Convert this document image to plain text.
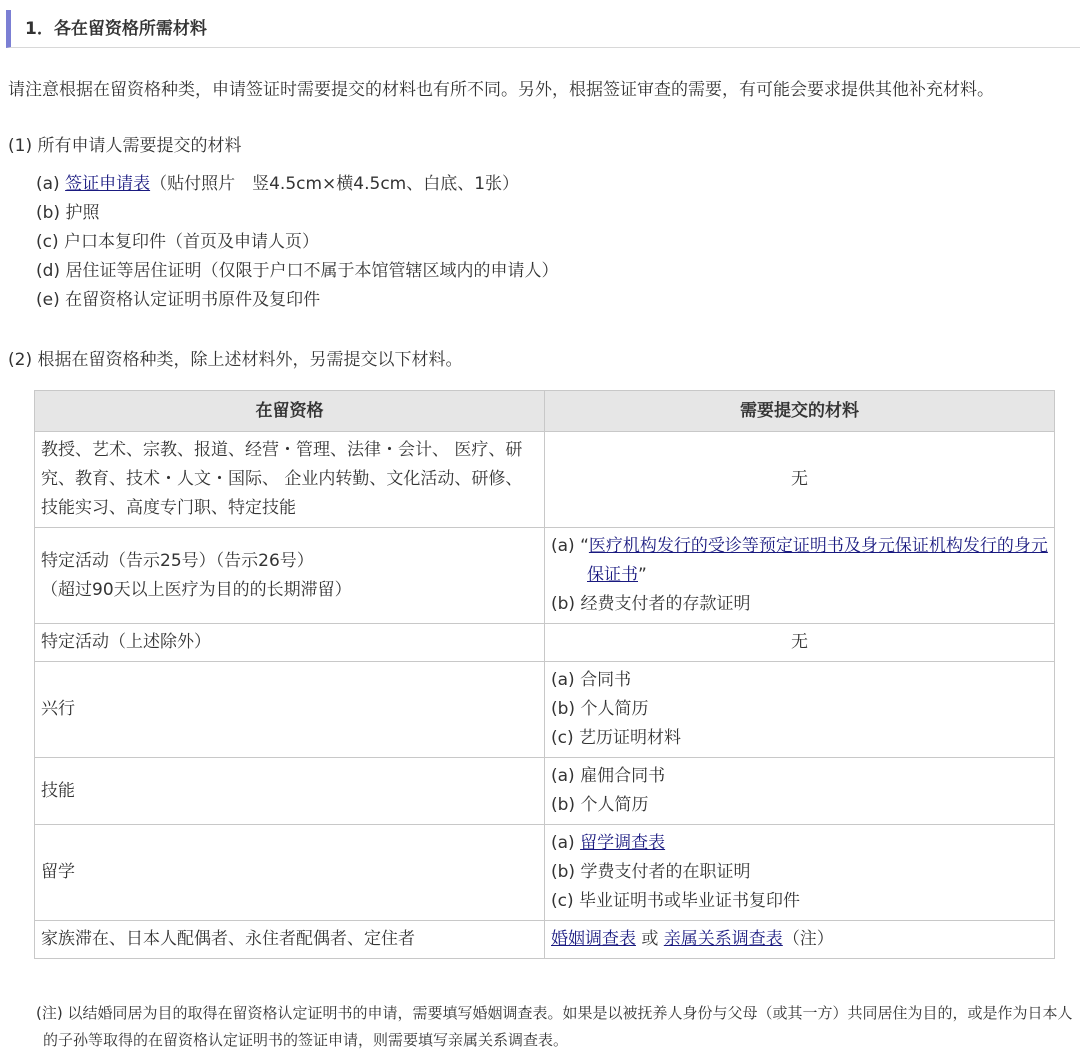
1．各在留资格所需材料
请注意根据在留资格种类，申请签证时需要提交的材料也有所不同。另外，根据签证审查的需要，有可能会要求提供其他补充材料。
(1) 所有申请人需要提交的材料
(a) 签证申请表（贴付照片　竖4.5cm×横4.5cm、白底、1张）
(b) 护照
(c) 户口本复印件（首页及申请人页）
(d) 居住证等居住证明（仅限于户口不属于本馆管辖区域内的申请人）
(e) 在留资格认定证明书原件及复印件
(2) 根据在留资格种类，除上述材料外，另需提交以下材料。
在留资格	需要提交的材料
教授、艺术、宗教、报道、经营・管理、法律・会计、 医疗、研究、教育、技术・人文・国际、 企业内转勤、文化活动、研修、技能实习、高度专门职、特定技能	无

特定活动（告示25号）（告示26号）
（超过90天以上医疗为目的的长期滞留）	(a) “医疗机构发行的受诊等预定证明书及身元保证机构发行的身元保证书”
(b) 经费支付者的存款证明

特定活动（上述除外）	无
兴行	(a) 合同书
(b) 个人简历
(c) 艺历证明材料

技能	(a) 雇佣合同书
(b) 个人简历

留学	(a) 留学调查表
(b) 学费支付者的在职证明
(c) 毕业证明书或毕业证书复印件

家族滞在、日本人配偶者、永住者配偶者、定住者	婚姻调查表 或 亲属关系调查表（注）
(注) 以结婚同居为目的取得在留资格认定证明书的申请，需要填写婚姻调查表。如果是以被抚养人身份与父母（或其一方）共同居住为目的，或是作为日本人的子孙等取得的在留资格认定证明书的签证申请，则需要填写亲属关系调查表。
